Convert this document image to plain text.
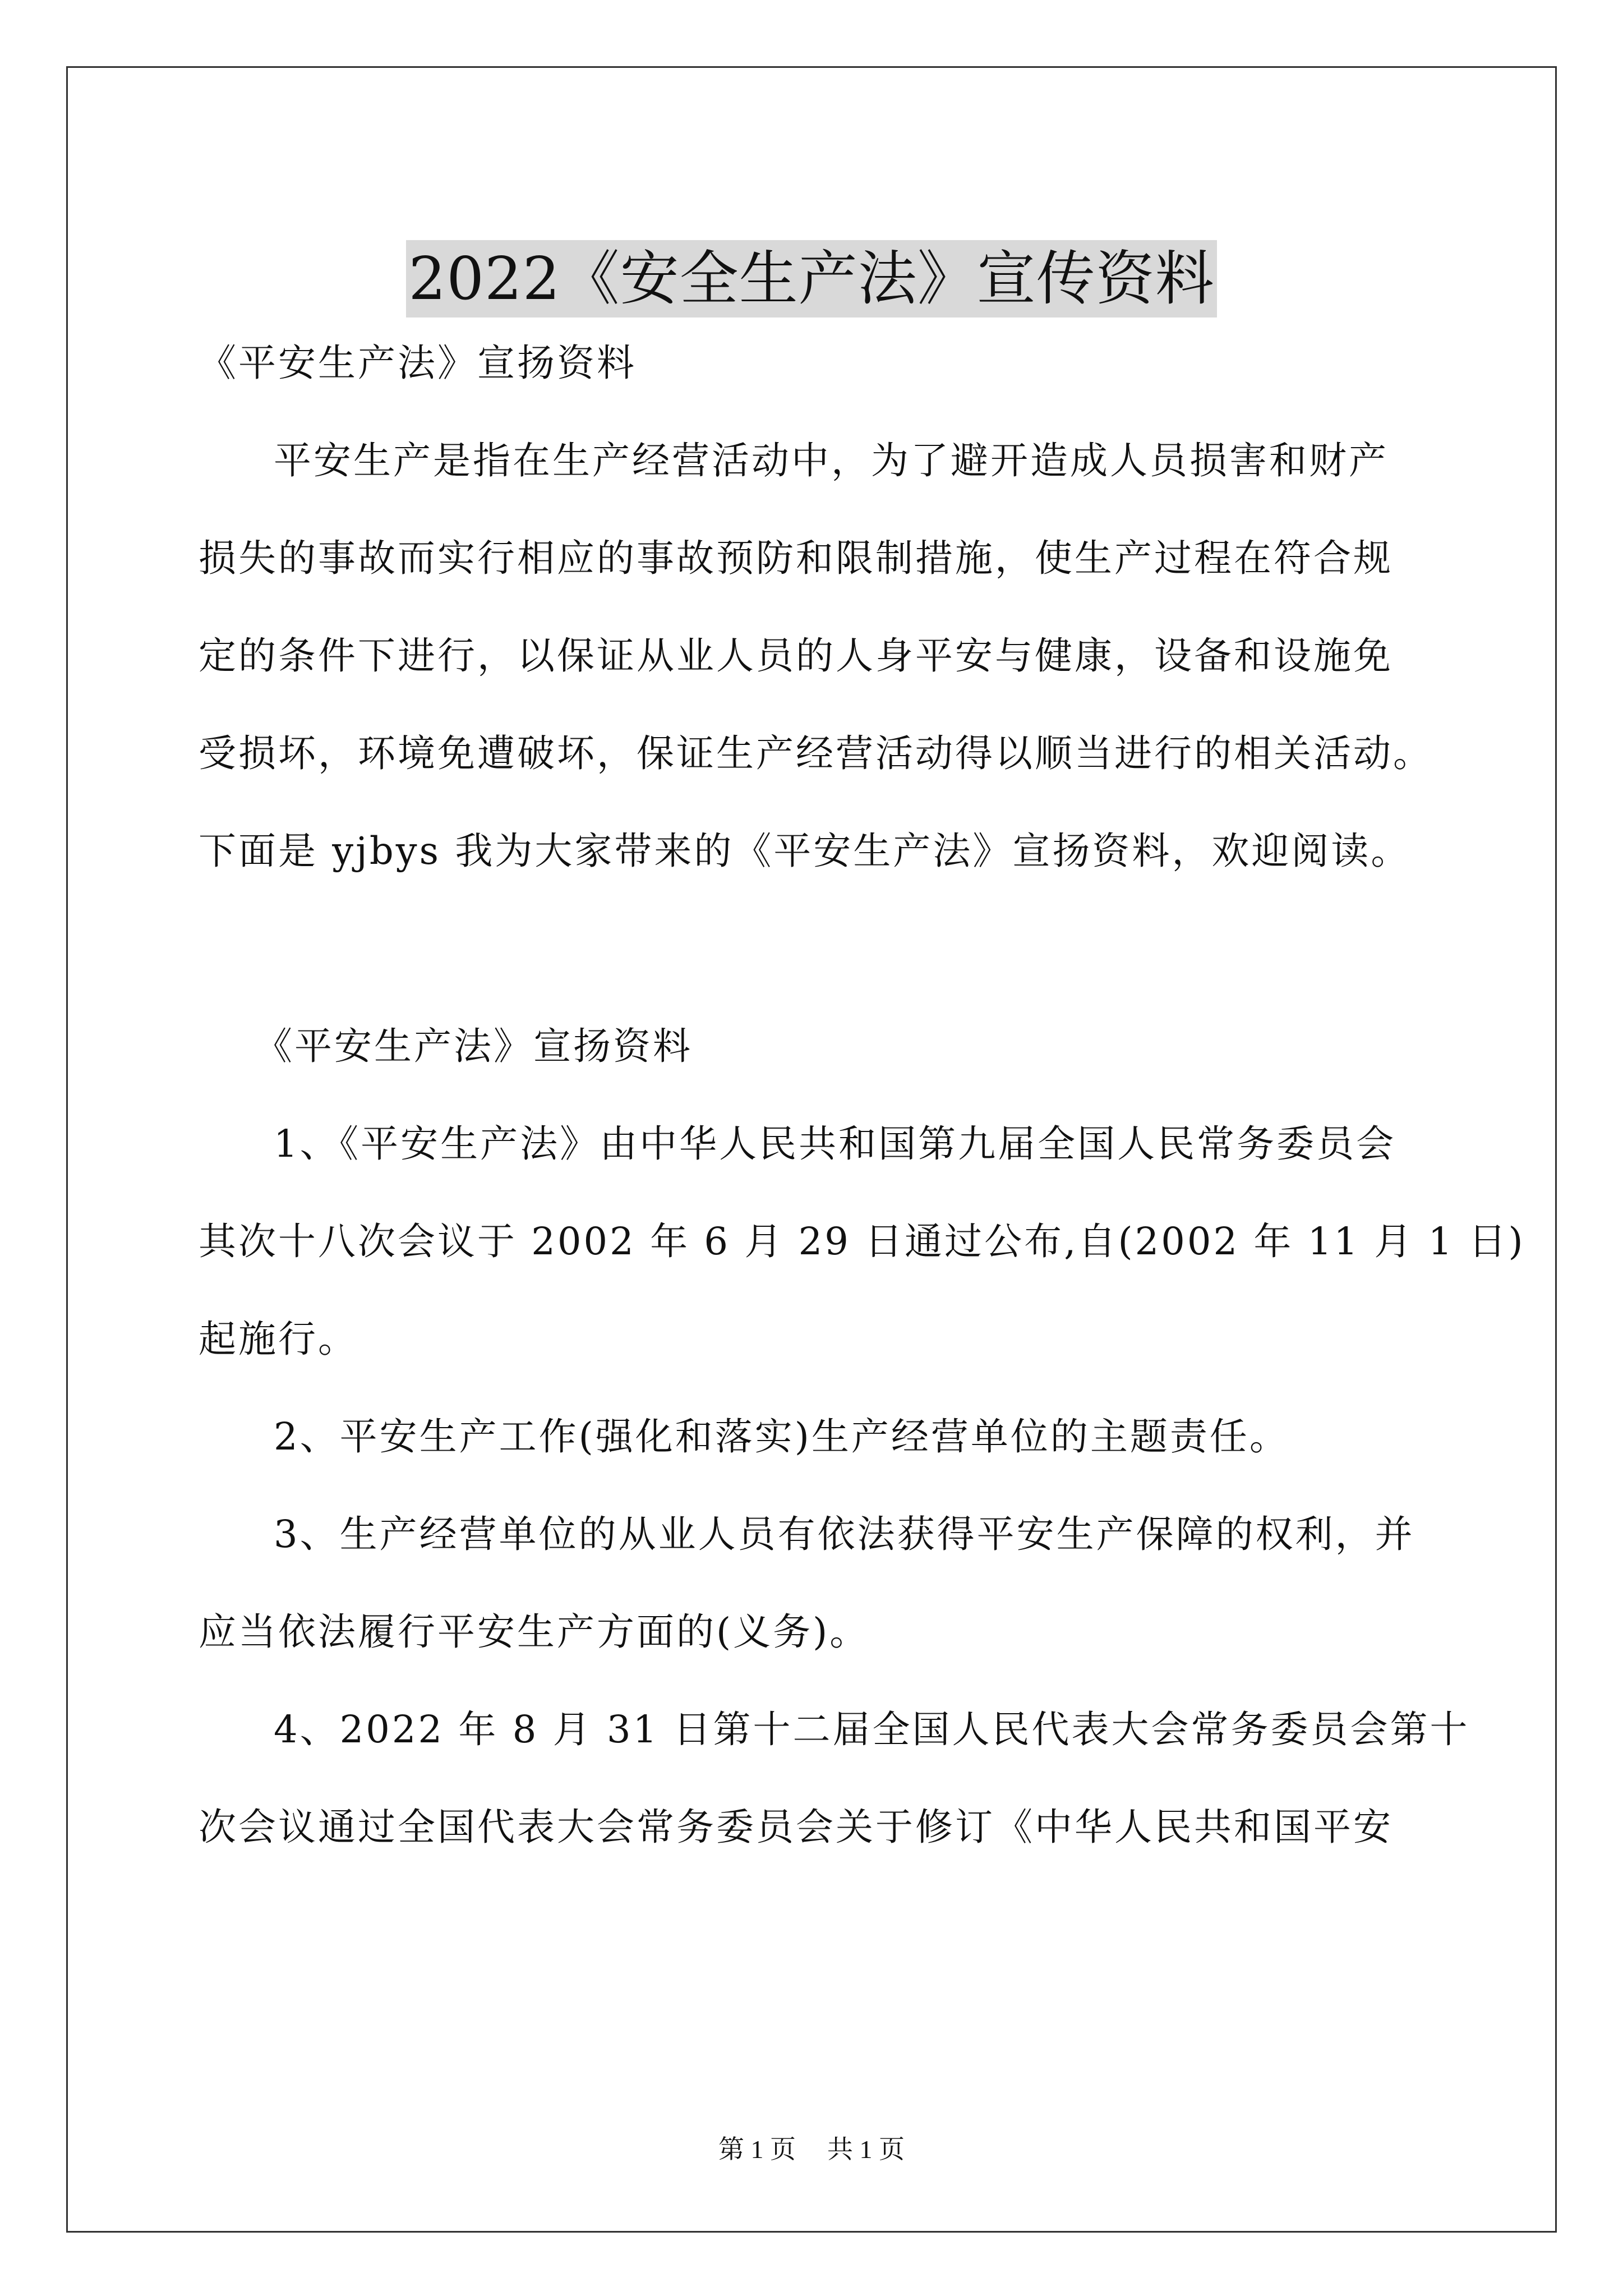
2022《安全生产法》宣传资料
《平安生产法》宣扬资料
平安生产是指在生产经营活动中，为了避开造成人员损害和财产
损失的事故而实行相应的事故预防和限制措施，使生产过程在符合规
定的条件下进行，以保证从业人员的人身平安与健康，设备和设施免
受损坏，环境免遭破坏，保证生产经营活动得以顺当进行的相关活动。
下面是 yjbys 我为大家带来的《平安生产法》宣扬资料，欢迎阅读。
《平安生产法》宣扬资料
1、《平安生产法》由中华人民共和国第九届全国人民常务委员会
其次十八次会议于 2002 年 6 月 29 日通过公布,自(2002 年 11 月 1 日)
起施行。
2、平安生产工作(强化和落实)生产经营单位的主题责任。
3、生产经营单位的从业人员有依法获得平安生产保障的权利，并
应当依法履行平安生产方面的(义务)。
4、2022 年 8 月 31 日第十二届全国人民代表大会常务委员会第十
次会议通过全国代表大会常务委员会关于修订《中华人民共和国平安
第 1 页 共 1 页
